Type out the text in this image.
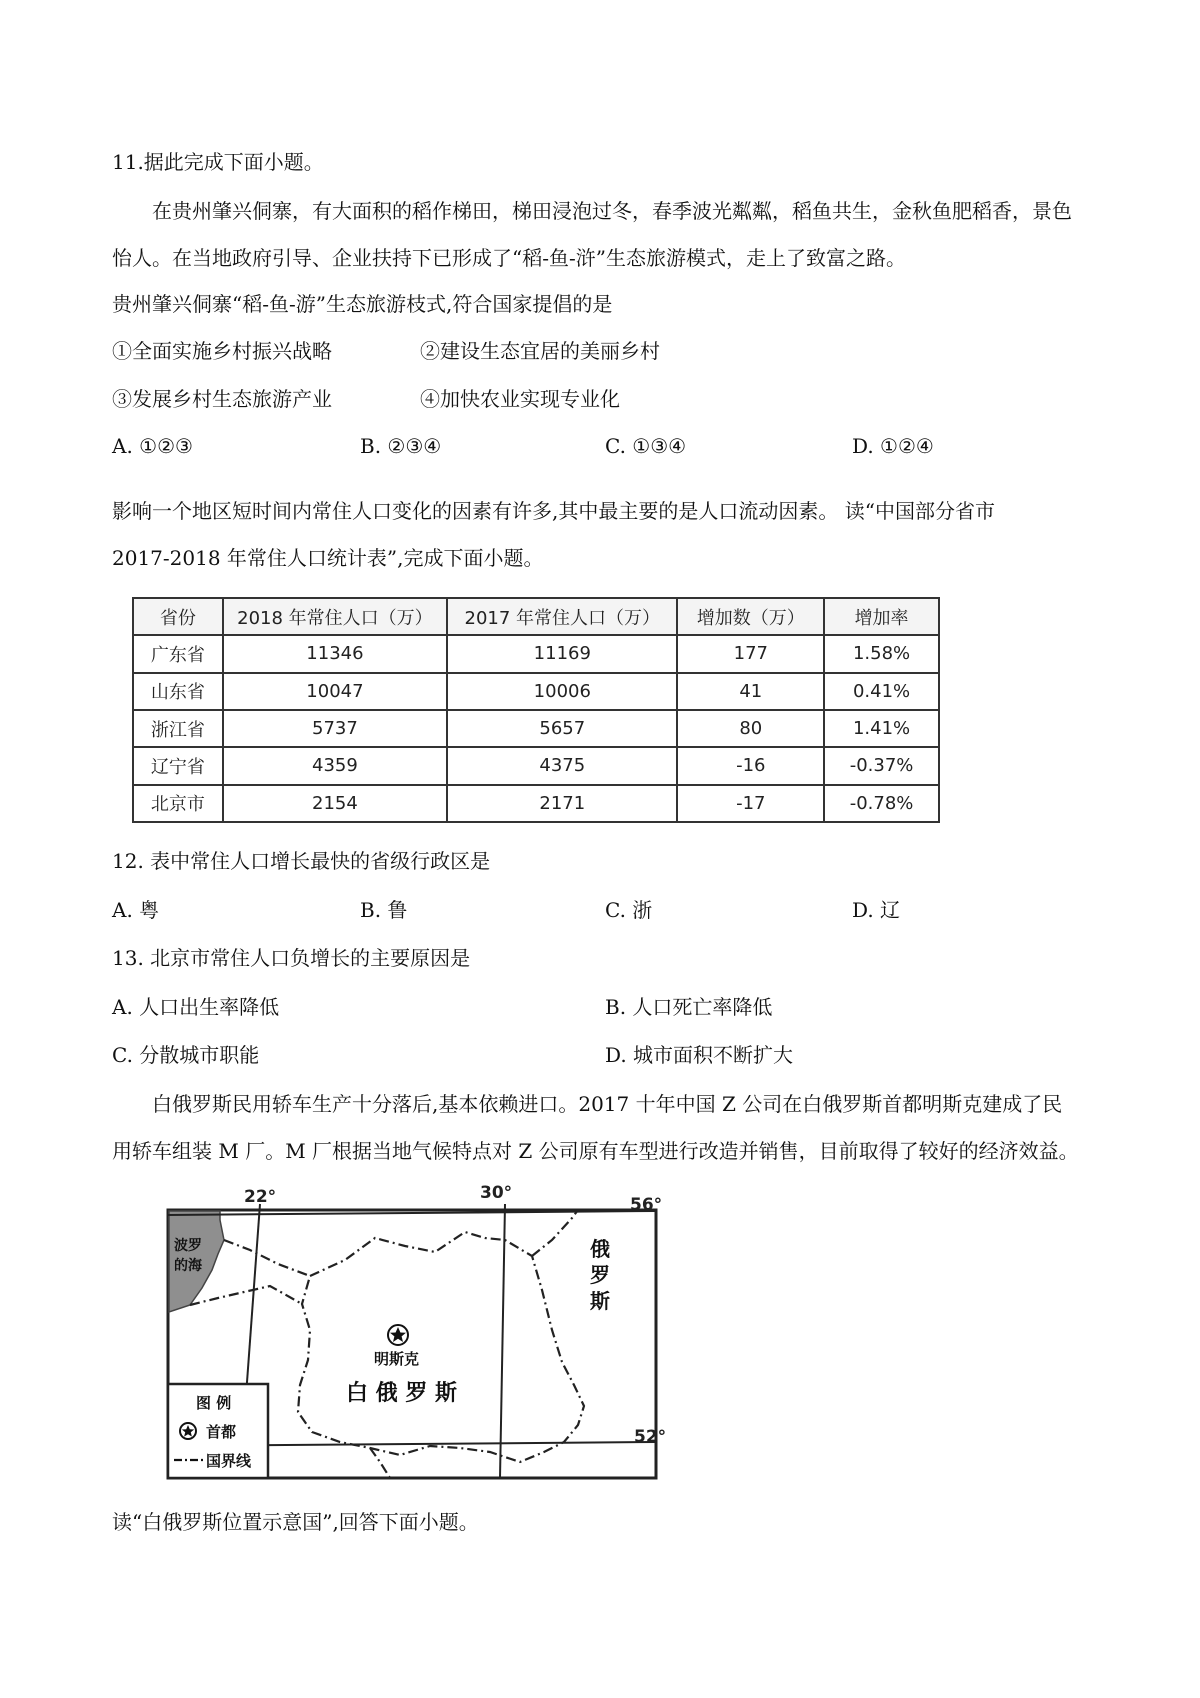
11.据此完成下面小题。
在贵州肇兴侗寨，有大面积的稻作梯田，梯田浸泡过冬，春季波光粼粼，稻鱼共生，金秋鱼肥稻香，景色
怡人。在当地政府引导、企业扶持下已形成了“稻-鱼-浒”生态旅游模式，走上了致富之路。
贵州肇兴侗寨“稻-鱼-游”生态旅游枝式,符合国家提倡的是
①全面实施乡村振兴战略	②建设生态宜居的美丽乡村
③发展乡村生态旅游产业	④加快农业实现专业化
A. ①②③	B. ②③④	C. ①③④	D. ①②④
影响一个地区短时间内常住人口变化的因素有许多,其中最主要的是人口流动因素。 读“中国部分省市
2017-2018 年常住人口统计表”,完成下面小题。
省份	2018 年常住人口（万）	2017 年常住人口（万）	增加数（万）	增加率
广东省	11346	11169	177	1.58%
山东省	10047	10006	41	0.41%
浙江省	5737	5657	80	1.41%
辽宁省	4359	4375	-16	-0.37%
北京市	2154	2171	-17	-0.78%
12. 表中常住人口增长最快的省级行政区是
A. 粤	B. 鲁	C. 浙	D. 辽
13. 北京市常住人口负增长的主要原因是
A. 人口出生率降低	B. 人口死亡率降低
C. 分散城市职能	D. 城市面积不断扩大
白俄罗斯民用轿车生产十分落后,基本依赖进口。2017 十年中国 Z 公司在白俄罗斯首都明斯克建成了民
用轿车组装 M 厂。M 厂根据当地气候特点对 Z 公司原有车型进行改造并销售，目前取得了较好的经济效益。
22°	30°
56°
52°
波罗
的海
俄
罗
斯
明斯克
白 俄 罗 斯
图 例
首都
国界线
读“白俄罗斯位置示意国”,回答下面小题。
